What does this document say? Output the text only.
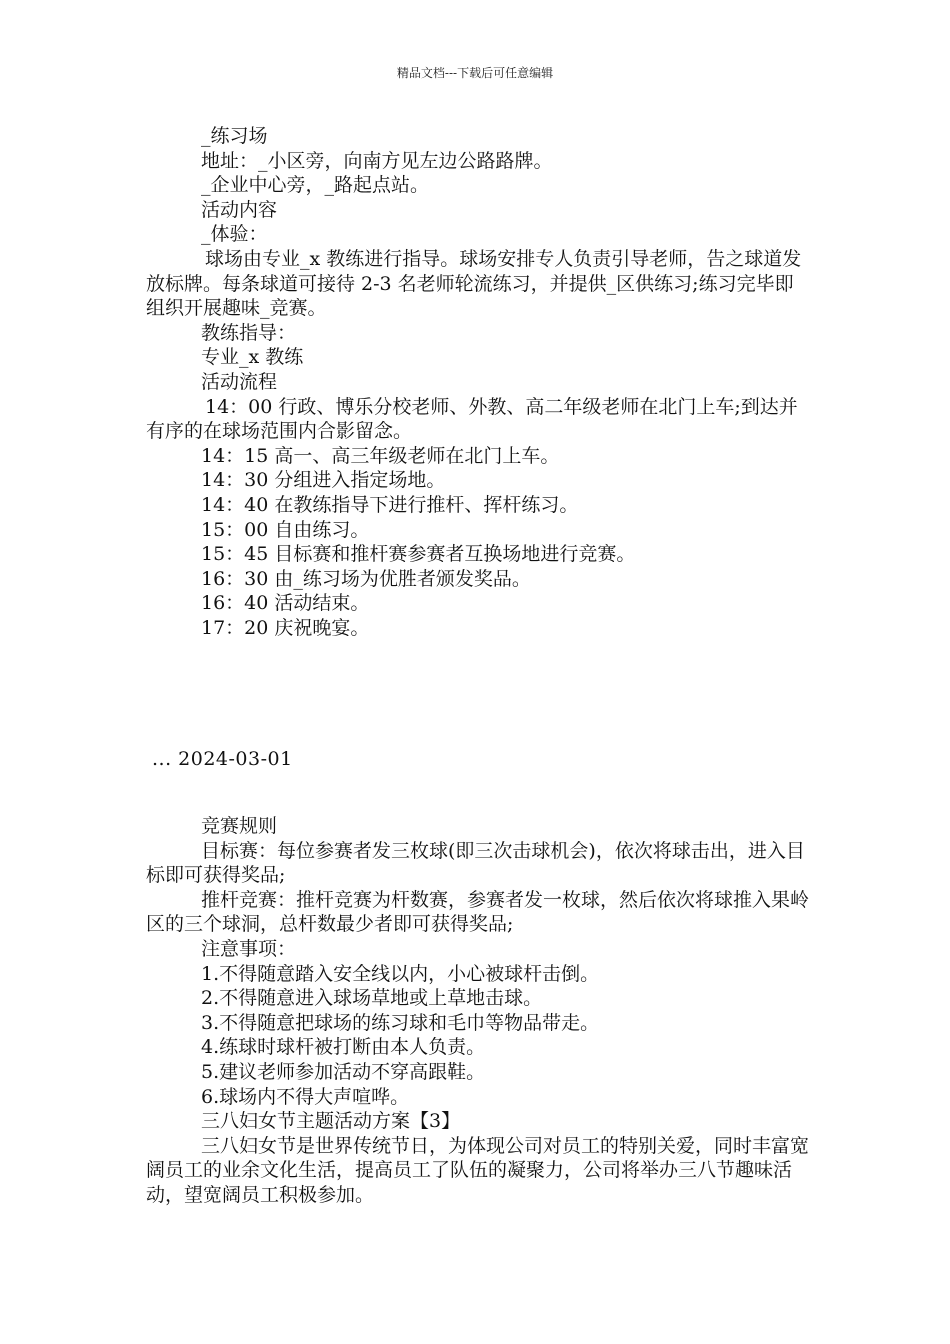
精品文档---下载后可任意编辑

_练习场

地址：_小区旁，向南方见左边公路路牌。

_企业中心旁，_路起点站。

活动内容

_体验：

球场由专业_x 教练进行指导。球场安排专人负责引导老师，告之球道发放标牌。每条球道可接待 2-3 名老师轮流练习，并提供_区供练习;练习完毕即组织开展趣味_竞赛。

教练指导：

专业_x 教练

活动流程

14：00 行政、博乐分校老师、外教、高二年级老师在北门上车;到达并有序的在球场范围内合影留念。

14：15 高一、高三年级老师在北门上车。

14：30 分组进入指定场地。

14：40 在教练指导下进行推杆、挥杆练习。

15：00 自由练习。

15：45 目标赛和推杆赛参赛者互换场地进行竞赛。

16：30 由_练习场为优胜者颁发奖品。

16：40 活动结束。

17：20 庆祝晚宴。

... 2024-03-01

竞赛规则

目标赛：每位参赛者发三枚球(即三次击球机会)，依次将球击出，进入目标即可获得奖品;

推杆竞赛：推杆竞赛为杆数赛，参赛者发一枚球，然后依次将球推入果岭区的三个球洞，总杆数最少者即可获得奖品;

注意事项：

1.不得随意踏入安全线以内，小心被球杆击倒。

2.不得随意进入球场草地或上草地击球。

3.不得随意把球场的练习球和毛巾等物品带走。

4.练球时球杆被打断由本人负责。

5.建议老师参加活动不穿高跟鞋。

6.球场内不得大声喧哗。

三八妇女节主题活动方案【3】

三八妇女节是世界传统节日，为体现公司对员工的特别关爱，同时丰富宽阔员工的业余文化生活，提高员工了队伍的凝聚力，公司将举办三八节趣味活动，望宽阔员工积极参加。
